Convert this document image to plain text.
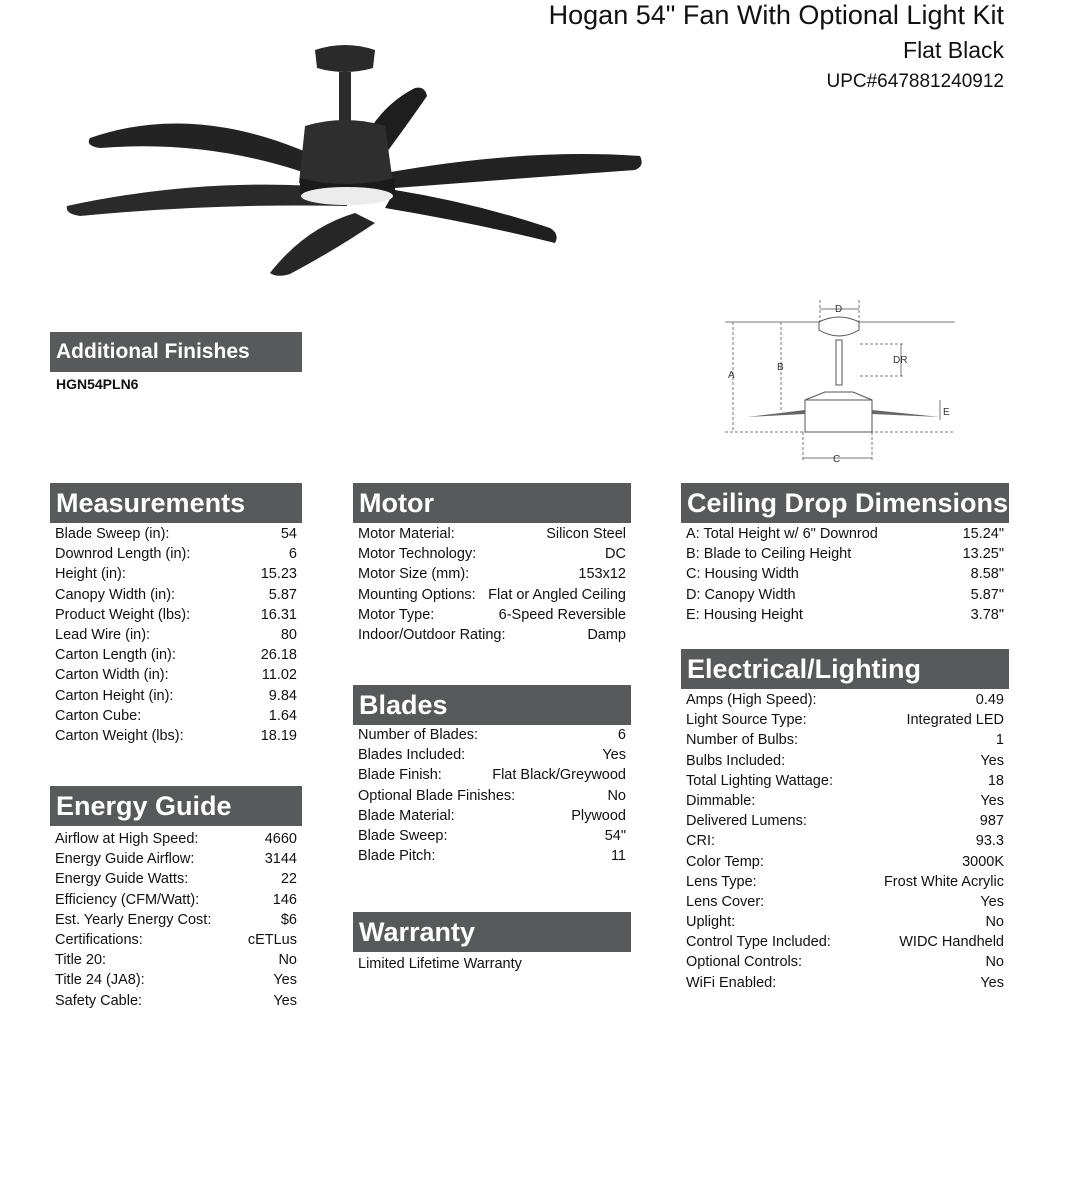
Hogan 54" Fan With Optional Light Kit
Flat Black
UPC#647881240912
Additional Finishes
HGN54PLN6
D
DR
A
B
E
C
Measurements
Blade Sweep (in):	54
Downrod Length (in):	6
Height (in):	15.23
Canopy Width (in):	5.87
Product Weight (lbs):	16.31
Lead Wire (in):	80
Carton Length (in):	26.18
Carton Width (in):	11.02
Carton Height (in):	9.84
Carton Cube:	1.64
Carton Weight (lbs):	18.19
Energy Guide
Airflow at High Speed:	4660
Energy Guide Airflow:	3144
Energy Guide Watts:	22
Efficiency (CFM/Watt):	146
Est. Yearly Energy Cost:	$6
Certifications:	cETLus
Title 20:	No
Title 24 (JA8):	Yes
Safety Cable:	Yes
Motor
Motor Material:	Silicon Steel
Motor Technology:	DC
Motor Size (mm):	153x12
Mounting Options: Flat or Angled Ceiling
Motor Type:	6-Speed Reversible
Indoor/Outdoor Rating:	Damp
Blades
Number of Blades:	6
Blades Included:	Yes
Blade Finish:	Flat Black/Greywood
Optional Blade Finishes:	No
Blade Material:	Plywood
Blade Sweep:	54"
Blade Pitch:	11
Warranty
Limited Lifetime Warranty
Ceiling Drop Dimensions
A: Total Height w/ 6" Downrod	15.24"
B: Blade to Ceiling Height	13.25"
C: Housing Width	8.58"
D: Canopy Width	5.87"
E: Housing Height	3.78"
Electrical/Lighting
Amps (High Speed):	0.49
Light Source Type:	Integrated LED
Number of Bulbs:	1
Bulbs Included:	Yes
Total Lighting Wattage:	18
Dimmable:	Yes
Delivered Lumens:	987
CRI:	93.3
Color Temp:	3000K
Lens Type:	Frost White Acrylic
Lens Cover:	Yes
Uplight:	No
Control Type Included:	WIDC Handheld
Optional Controls:	No
WiFi Enabled:	Yes
